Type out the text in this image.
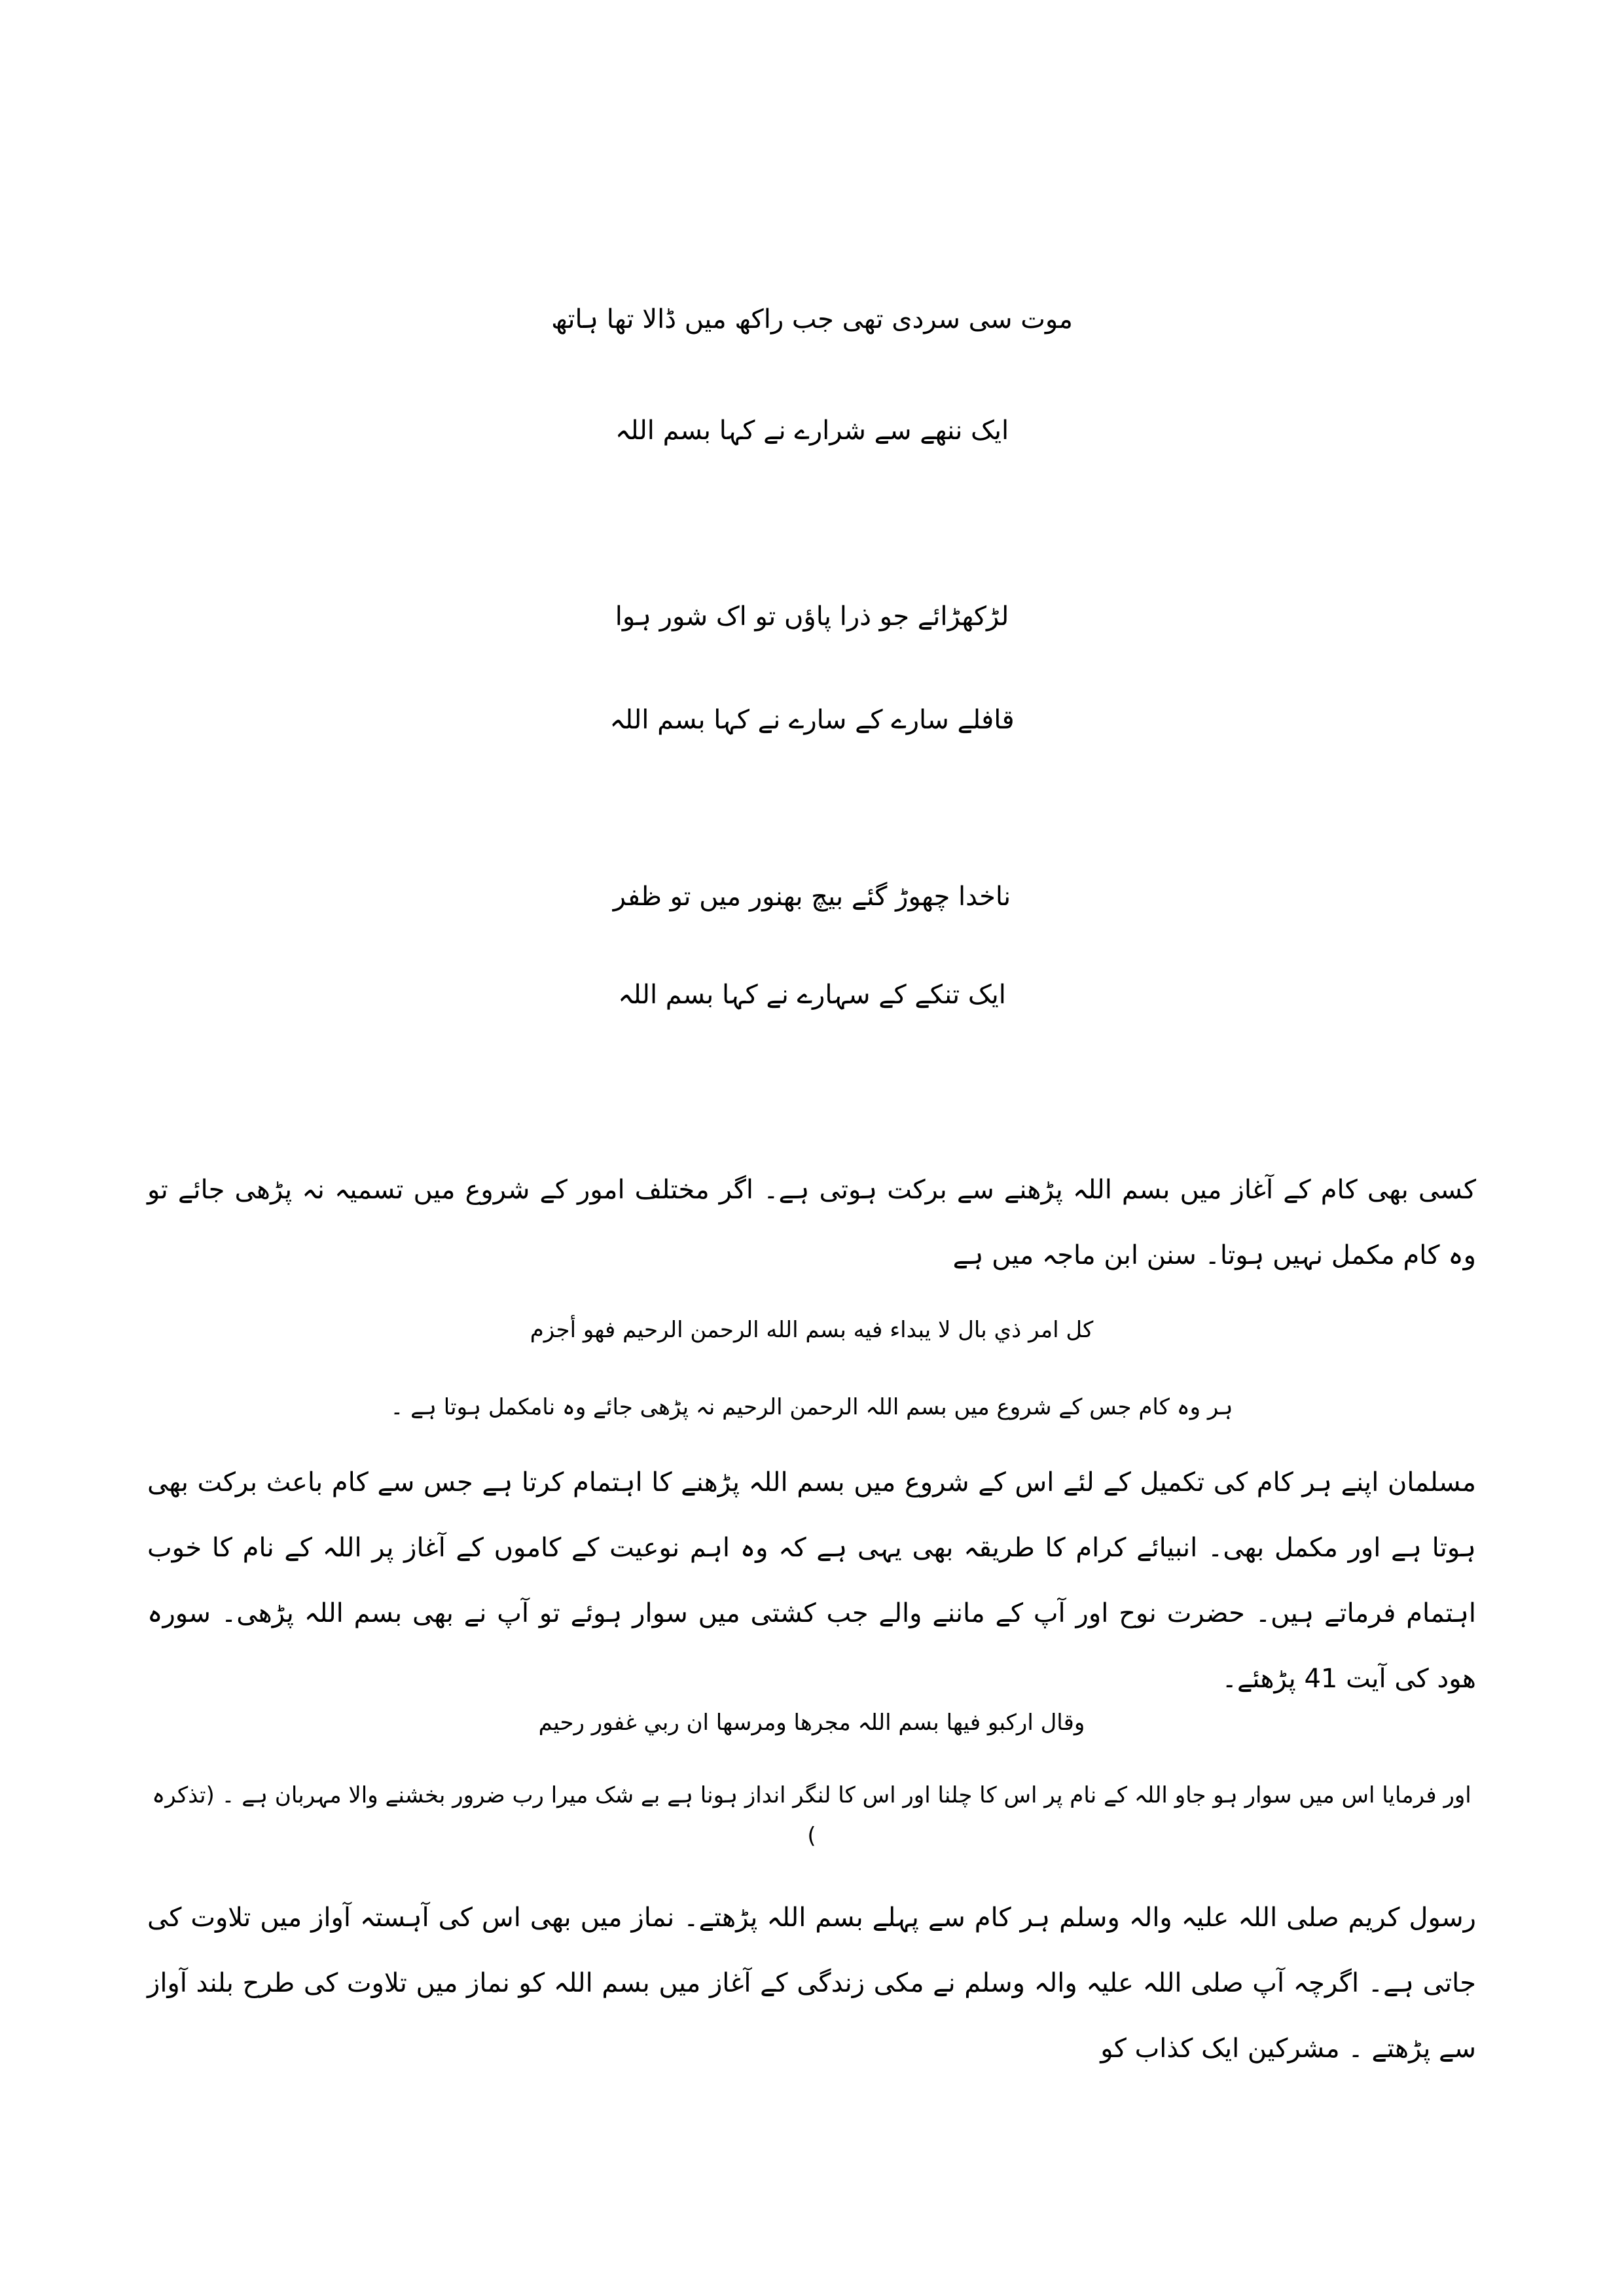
موت سی سردی تھی جب راکھ میں ڈالا تھا ہاتھ
ایک ننھے سے شرارے نے کہا بسم اللہ
لڑکھڑائے جو ذرا پاؤں تو اک شور ہوا
قافلے سارے کے سارے نے کہا بسم اللہ
ناخدا چھوڑ گئے بیچ بھنور میں تو ظفر
ایک تنکے کے سہارے نے کہا بسم اللہ
کسی بھی کام کے آغاز میں بسم اللہ پڑھنے سے برکت ہوتی ہے۔ اگر مختلف امور کے شروع میں تسمیہ نہ پڑھی جائے تو وہ کام مکمل نہیں ہوتا۔ سنن ابن ماجہ میں ہے
كل امر ذي بال لا يبداء فيه بسم الله الرحمن الرحيم فهو أجزم
ہر وہ کام جس کے شروع میں بسم اللہ الرحمن الرحیم نہ پڑھی جائے وہ نامکمل ہوتا ہے ۔
مسلمان اپنے ہر کام کی تکمیل کے لئے اس کے شروع میں بسم اللہ پڑھنے کا اہتمام کرتا ہے جس سے کام باعث برکت بھی ہوتا ہے اور مکمل بھی۔ انبیائے کرام کا طریقہ بھی یہی ہے کہ وہ اہم نوعیت کے کاموں کے آغاز پر اللہ کے نام کا خوب اہتمام فرماتے ہیں۔ حضرت نوح اور آپ کے ماننے والے جب کشتی میں سوار ہوئے تو آپ نے بھی بسم اللہ پڑھی۔ سورہ ھود کی آیت 41 پڑھئے۔
وقال اركبو فيها بسم اللہ مجرها ومرسها ان ربي غفور رحيم
اور فرمایا اس میں سوار ہو جاو اللہ کے نام پر اس کا چلنا اور اس کا لنگر انداز ہونا ہے بے شک میرا رب ضرور بخشنے والا مہربان ہے ۔ (تذکرہ )
رسول کریم صلی اللہ علیہ والہ وسلم ہر کام سے پہلے بسم اللہ پڑھتے۔ نماز میں بھی اس کی آہستہ آواز میں تلاوت کی جاتی ہے۔ اگرچہ آپ صلی اللہ علیہ والہ وسلم نے مکی زندگی کے آغاز میں بسم اللہ کو نماز میں تلاوت کی طرح بلند آواز سے پڑھتے ۔ مشرکین ایک کذاب کو
